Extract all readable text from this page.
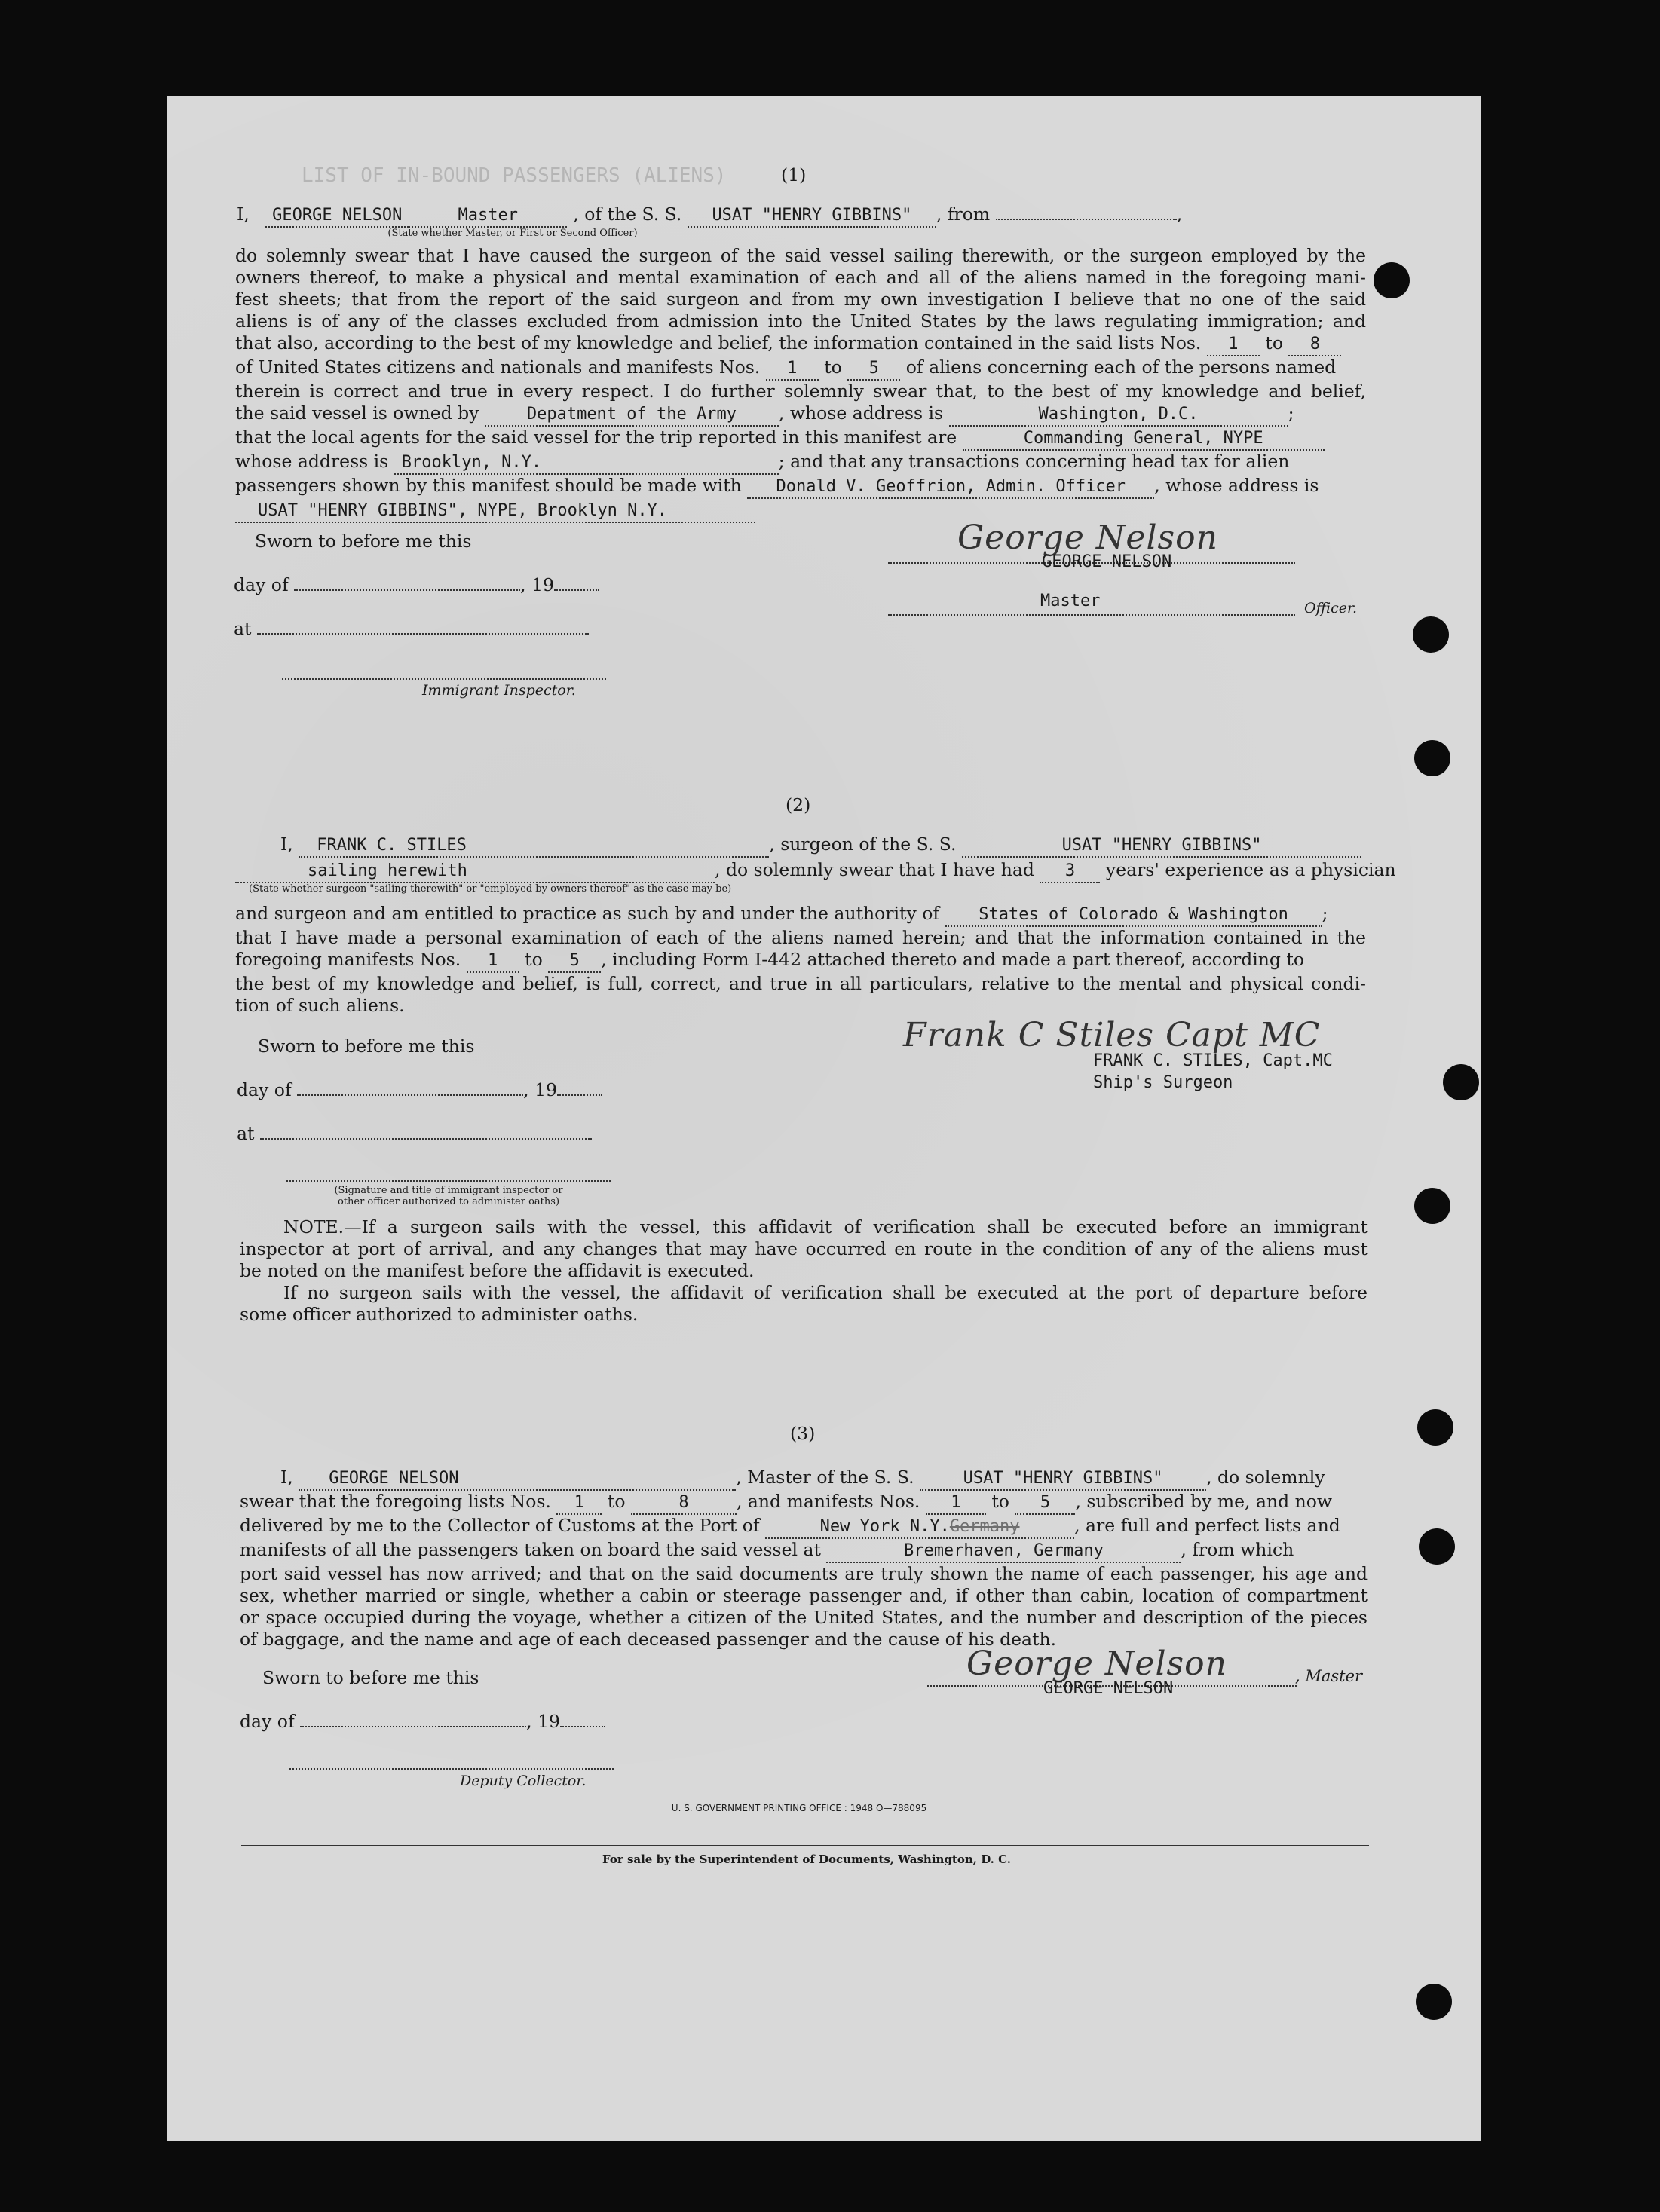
LIST OF IN-BOUND PASSENGERS (ALIENS)	(1)
I, GEORGE NELSON	Master	, of the S. S. USAT "HENRY GIBBINS" , from	,
(State whether Master, or First or Second Officer)

do solemnly swear that I have caused the surgeon of the said vessel sailing therewith, or the surgeon employed by the

owners thereof, to make a physical and mental examination of each and all of the aliens named in the foregoing mani-

fest sheets; that from the report of the said surgeon and from my own investigation I believe that no one of the said

aliens is of any of the classes excluded from admission into the United States by the laws regulating immigration; and

that also, according to the best of my knowledge and belief, the information contained in the said lists Nos. 1 to 8

of United States citizens and nationals and manifests Nos. 1 to 5 of aliens concerning each of the persons named

therein is correct and true in every respect. I do further solemnly swear that, to the best of my knowledge and belief,

the said vessel is owned by	Depatment of the Army , whose address is	Washington, D.C.	;

that the local agents for the said vessel for the trip reported in this manifest are	Commanding General, NYPE

whose address is Brooklyn, N.Y.	; and that any transactions concerning head tax for alien

passengers shown by this manifest should be made with Donald V. Geoffrion, Admin. Officer , whose address is

USAT "HENRY GIBBINS", NYPE, Brooklyn N.Y.

Sworn to before me this
day of	, 19
at
Immigrant Inspector.
George Nelson
GEORGE NELSON
Master	Officer.
(2)
I, FRANK C. STILES	, surgeon of the S. S.	USAT "HENRY GIBBINS"
sailing herewith	, do solemnly swear that I have had 3 years' experience as a physician
(State whether surgeon "sailing therewith" or "employed by owners thereof" as the case may be)

and surgeon and am entitled to practice as such by and under the authority of States of Colorado & Washington ;

that I have made a personal examination of each of the aliens named herein; and that the information contained in the

foregoing manifests Nos. 1 to 5 , including Form I-442 attached thereto and made a part thereof, according to

the best of my knowledge and belief, is full, correct, and true in all particulars, relative to the mental and physical condi-

tion of such aliens.

Sworn to before me this
day of	, 19
at
(Signature and title of immigrant inspector or
other officer authorized to administer oaths)
Frank C Stiles Capt MC
FRANK C. STILES, Capt.MC
Ship's Surgeon

NOTE.—If a surgeon sails with the vessel, this affidavit of verification shall be executed before an immigrant

inspector at port of arrival, and any changes that may have occurred en route in the condition of any of the aliens must

be noted on the manifest before the affidavit is executed.

If no surgeon sails with the vessel, the affidavit of verification shall be executed at the port of departure before

some officer authorized to administer oaths.

(3)

I, GEORGE NELSON	, Master of the S. S.	USAT "HENRY GIBBINS" , do solemnly

swear that the foregoing lists Nos. 1 to	8	, and manifests Nos. 1 to 5 , subscribed by me, and now

delivered by me to the Collector of Customs at the Port of	New York N.Y.Germany	, are full and perfect lists and

manifests of all the passengers taken on board the said vessel at	Bremerhaven, Germany	, from which

port said vessel has now arrived; and that on the said documents are truly shown the name of each passenger, his age and

sex, whether married or single, whether a cabin or steerage passenger and, if other than cabin, location of compartment

or space occupied during the voyage, whether a citizen of the United States, and the number and description of the pieces

of baggage, and the name and age of each deceased passenger and the cause of his death.

Sworn to before me this
day of	, 19
Deputy Collector.
George Nelson
GEORGE NELSON
, Master
U. S. GOVERNMENT PRINTING OFFICE : 1948 O—788095
For sale by the Superintendent of Documents, Washington, D. C.
